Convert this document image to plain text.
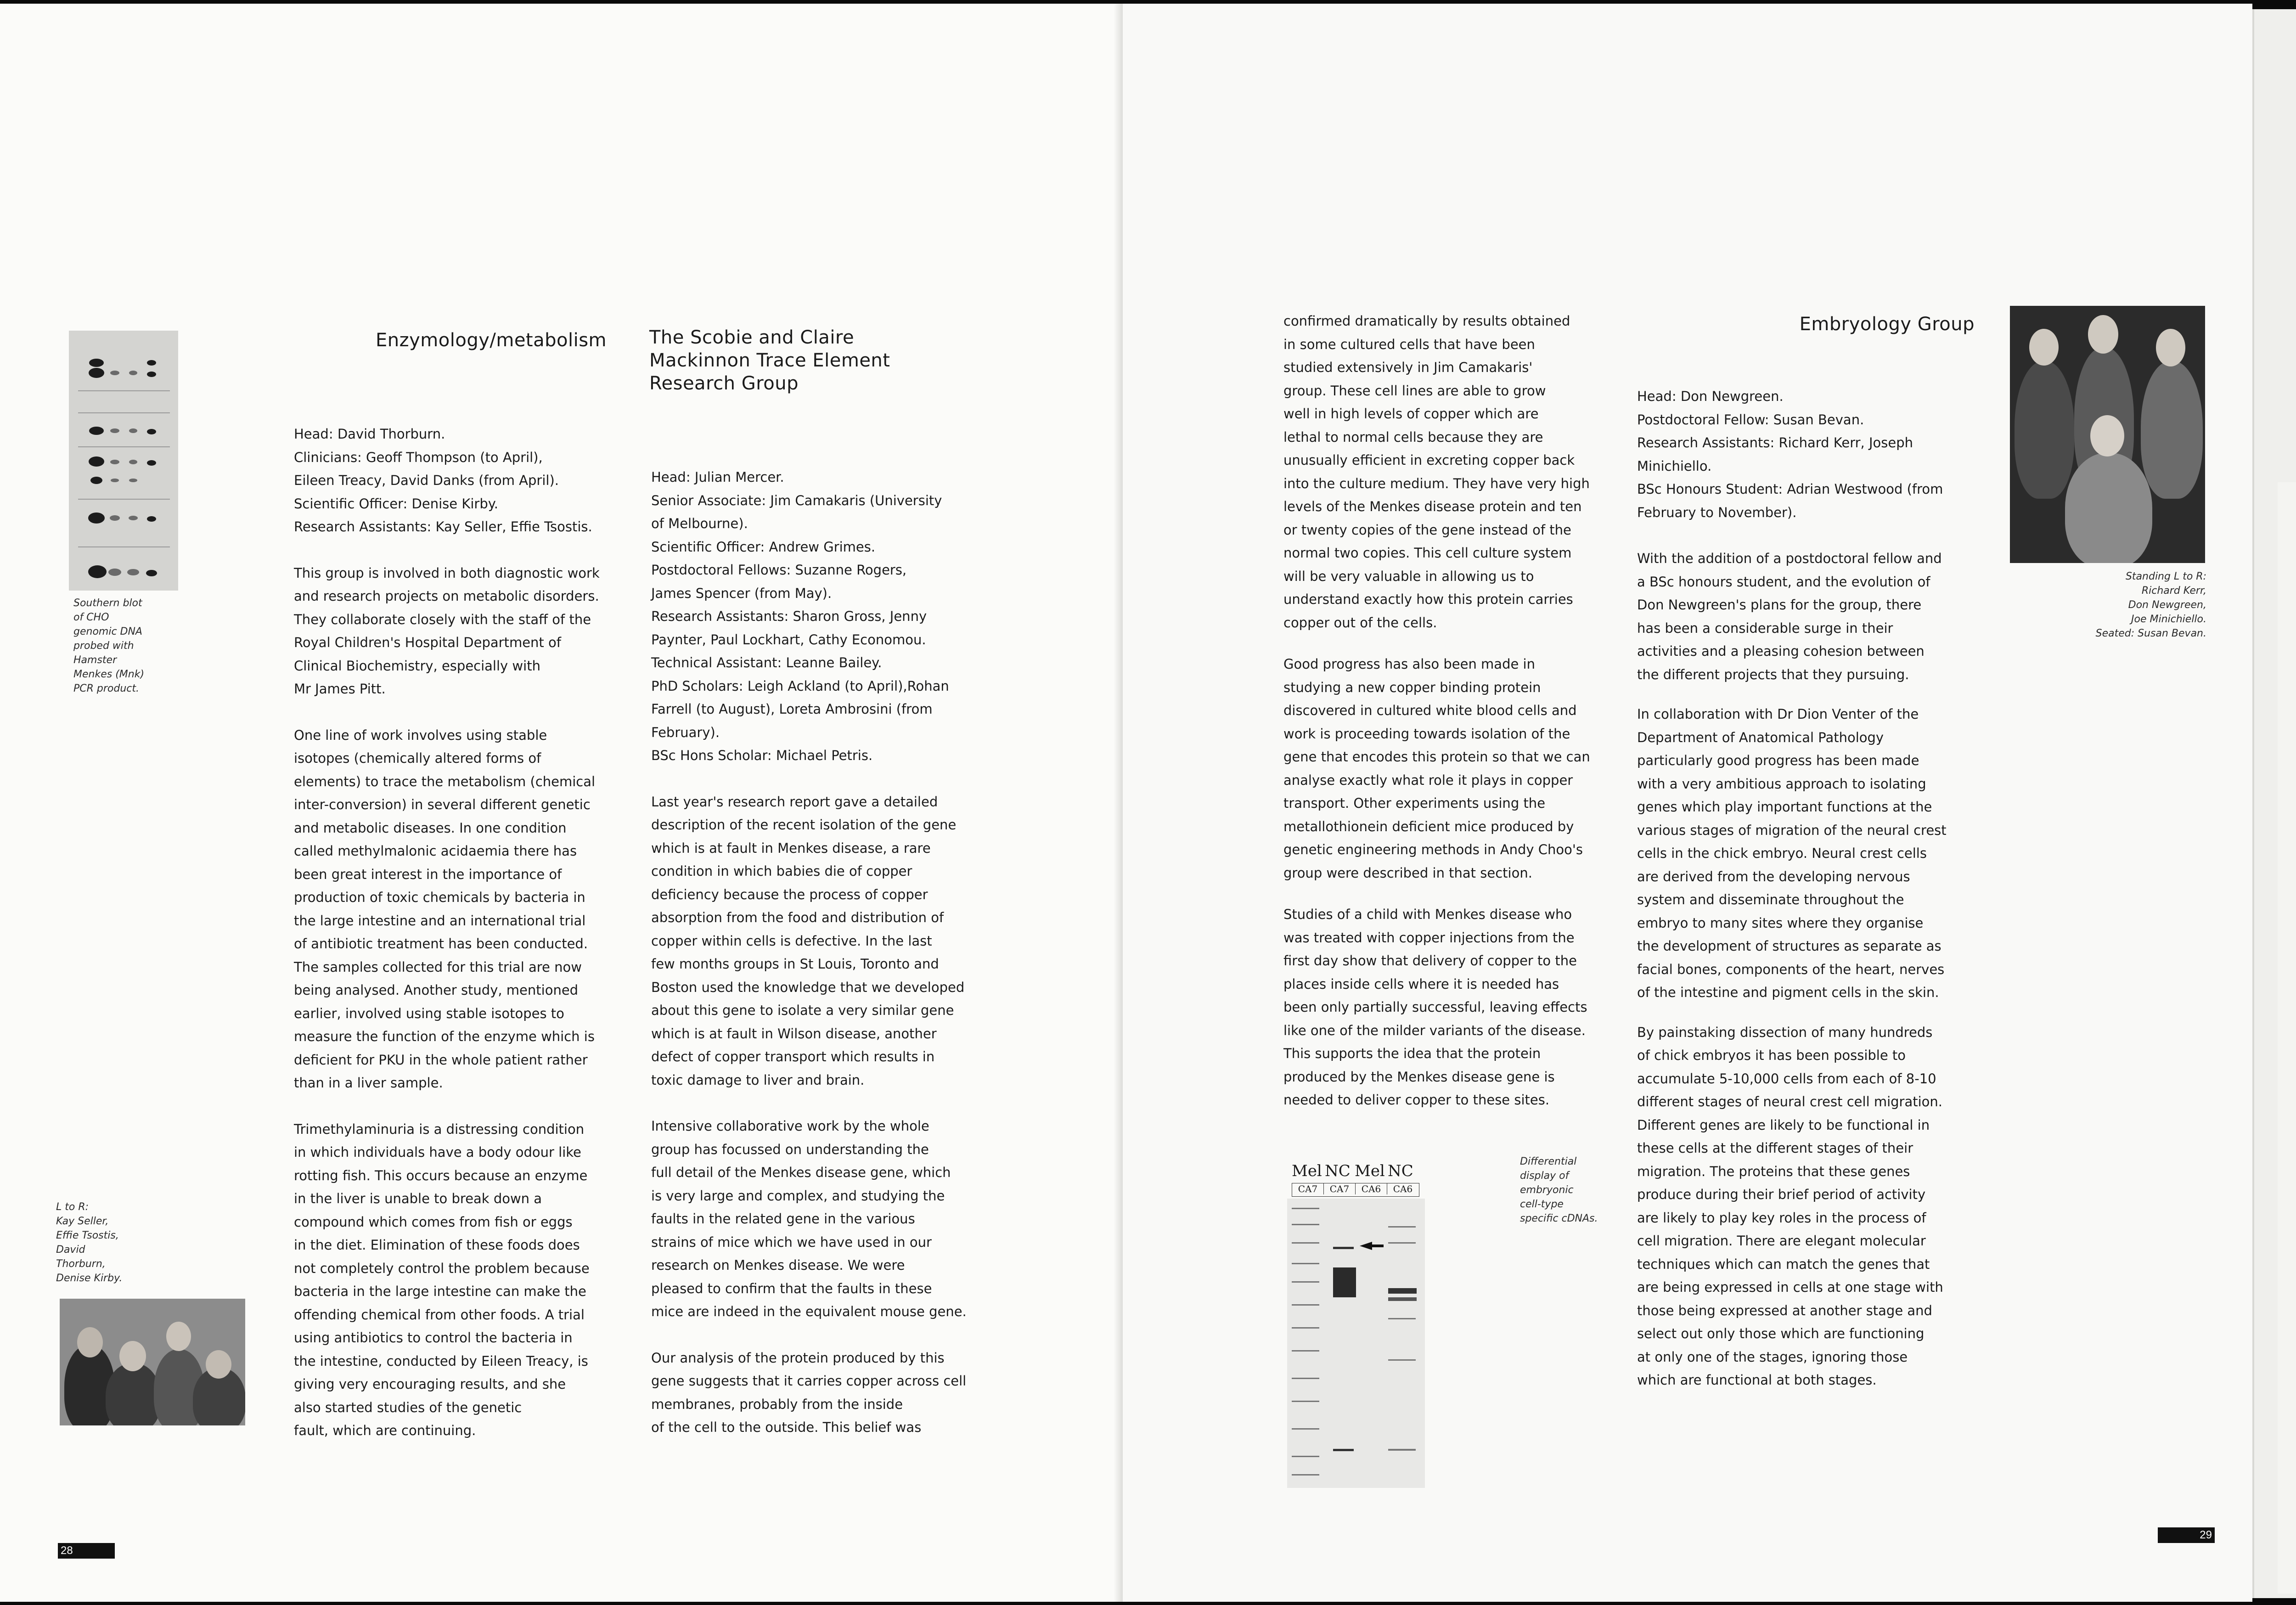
Southern blot
of CHO
genomic DNA
probed with
Hamster
Menkes (Mnk)
PCR product.
L to R:
Kay Seller,
Effie Tsostis,
David
Thorburn,
Denise Kirby.
Enzymology/metabolism
Head: David Thorburn.
Clinicians: Geoff Thompson (to April),
Eileen Treacy, David Danks (from April).
Scientific Officer: Denise Kirby.
Research Assistants: Kay Seller, Effie Tsostis.
This group is involved in both diagnostic work
and research projects on metabolic disorders.
They collaborate closely with the staff of the
Royal Children's Hospital Department of
Clinical Biochemistry, especially with
Mr James Pitt.
One line of work involves using stable
isotopes (chemically altered forms of
elements) to trace the metabolism (chemical
inter-conversion) in several different genetic
and metabolic diseases. In one condition
called methylmalonic acidaemia there has
been great interest in the importance of
production of toxic chemicals by bacteria in
the large intestine and an international trial
of antibiotic treatment has been conducted.
The samples collected for this trial are now
being analysed. Another study, mentioned
earlier, involved using stable isotopes to
measure the function of the enzyme which is
deficient for PKU in the whole patient rather
than in a liver sample.
Trimethylaminuria is a distressing condition
in which individuals have a body odour like
rotting fish. This occurs because an enzyme
in the liver is unable to break down a
compound which comes from fish or eggs
in the diet. Elimination of these foods does
not completely control the problem because
bacteria in the large intestine can make the
offending chemical from other foods. A trial
using antibiotics to control the bacteria in
the intestine, conducted by Eileen Treacy, is
giving very encouraging results, and she
also started studies of the genetic
fault, which are continuing.
The Scobie and Claire
Mackinnon Trace Element
Research Group
Head: Julian Mercer.
Senior Associate: Jim Camakaris (University
of Melbourne).
Scientific Officer: Andrew Grimes.
Postdoctoral Fellows: Suzanne Rogers,
James Spencer (from May).
Research Assistants: Sharon Gross, Jenny
Paynter, Paul Lockhart, Cathy Economou.
Technical Assistant: Leanne Bailey.
PhD Scholars: Leigh Ackland (to April),Rohan
Farrell (to August), Loreta Ambrosini (from
February).
BSc Hons Scholar: Michael Petris.
Last year's research report gave a detailed
description of the recent isolation of the gene
which is at fault in Menkes disease, a rare
condition in which babies die of copper
deficiency because the process of copper
absorption from the food and distribution of
copper within cells is defective. In the last
few months groups in St Louis, Toronto and
Boston used the knowledge that we developed
about this gene to isolate a very similar gene
which is at fault in Wilson disease, another
defect of copper transport which results in
toxic damage to liver and brain.
Intensive collaborative work by the whole
group has focussed on understanding the
full detail of the Menkes disease gene, which
is very large and complex, and studying the
faults in the related gene in the various
strains of mice which we have used in our
research on Menkes disease. We were
pleased to confirm that the faults in these
mice are indeed in the equivalent mouse gene.
Our analysis of the protein produced by this
gene suggests that it carries copper across cell
membranes, probably from the inside
of the cell to the outside. This belief was
28
confirmed dramatically by results obtained
in some cultured cells that have been
studied extensively in Jim Camakaris'
group. These cell lines are able to grow
well in high levels of copper which are
lethal to normal cells because they are
unusually efficient in excreting copper back
into the culture medium. They have very high
levels of the Menkes disease protein and ten
or twenty copies of the gene instead of the
normal two copies. This cell culture system
will be very valuable in allowing us to
understand exactly how this protein carries
copper out of the cells.
Good progress has also been made in
studying a new copper binding protein
discovered in cultured white blood cells and
work is proceeding towards isolation of the
gene that encodes this protein so that we can
analyse exactly what role it plays in copper
transport. Other experiments using the
metallothionein deficient mice produced by
genetic engineering methods in Andy Choo's
group were described in that section.
Studies of a child with Menkes disease who
was treated with copper injections from the
first day show that delivery of copper to the
places inside cells where it is needed has
been only partially successful, leaving effects
like one of the milder variants of the disease.
This supports the idea that the protein
produced by the Menkes disease gene is
needed to deliver copper to these sites.
Mel NC Mel NC
CA7	CA7	CA6	CA6
Differential
display of
embryonic
cell-type
specific cDNAs.
Embryology Group
Head: Don Newgreen.
Postdoctoral Fellow: Susan Bevan.
Research Assistants: Richard Kerr, Joseph
Minichiello.
BSc Honours Student: Adrian Westwood (from
February to November).
With the addition of a postdoctoral fellow and
a BSc honours student, and the evolution of
Don Newgreen's plans for the group, there
has been a considerable surge in their
activities and a pleasing cohesion between
the different projects that they pursuing.
In collaboration with Dr Dion Venter of the
Department of Anatomical Pathology
particularly good progress has been made
with a very ambitious approach to isolating
genes which play important functions at the
various stages of migration of the neural crest
cells in the chick embryo. Neural crest cells
are derived from the developing nervous
system and disseminate throughout the
embryo to many sites where they organise
the development of structures as separate as
facial bones, components of the heart, nerves
of the intestine and pigment cells in the skin.
By painstaking dissection of many hundreds
of chick embryos it has been possible to
accumulate 5-10,000 cells from each of 8-10
different stages of neural crest cell migration.
Different genes are likely to be functional in
these cells at the different stages of their
migration. The proteins that these genes
produce during their brief period of activity
are likely to play key roles in the process of
cell migration. There are elegant molecular
techniques which can match the genes that
are being expressed in cells at one stage with
those being expressed at another stage and
select out only those which are functioning
at only one of the stages, ignoring those
which are functional at both stages.
Standing L to R:
Richard Kerr,
Don Newgreen,
Joe Minichiello.
Seated: Susan Bevan.
29
